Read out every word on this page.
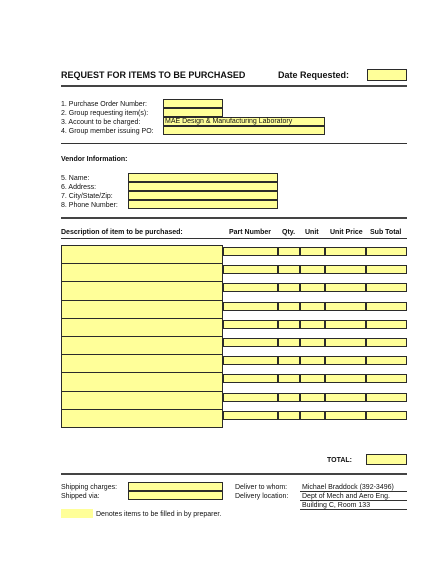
REQUEST FOR ITEMS TO BE PURCHASED	Date Requested:
1. Purchase Order Number:
2. Group requesting item(s):
3. Account to be charged:	MAE Design & Manufacturing Laboratory
4. Group member issuing PO:
Vendor Information:
5. Name:
6. Address:
7. City/State/Zip:
8. Phone Number:
Description of item to be purchased:	Part Number Qty. Unit Unit Price Sub Total
TOTAL:
Shipping charges:
Shipped via:
Deliver to whom: Michael Braddock (392-3496)
Delivery location: Dept of Mech and Aero Eng.
Building C, Room 133
Denotes items to be filled in by preparer.
